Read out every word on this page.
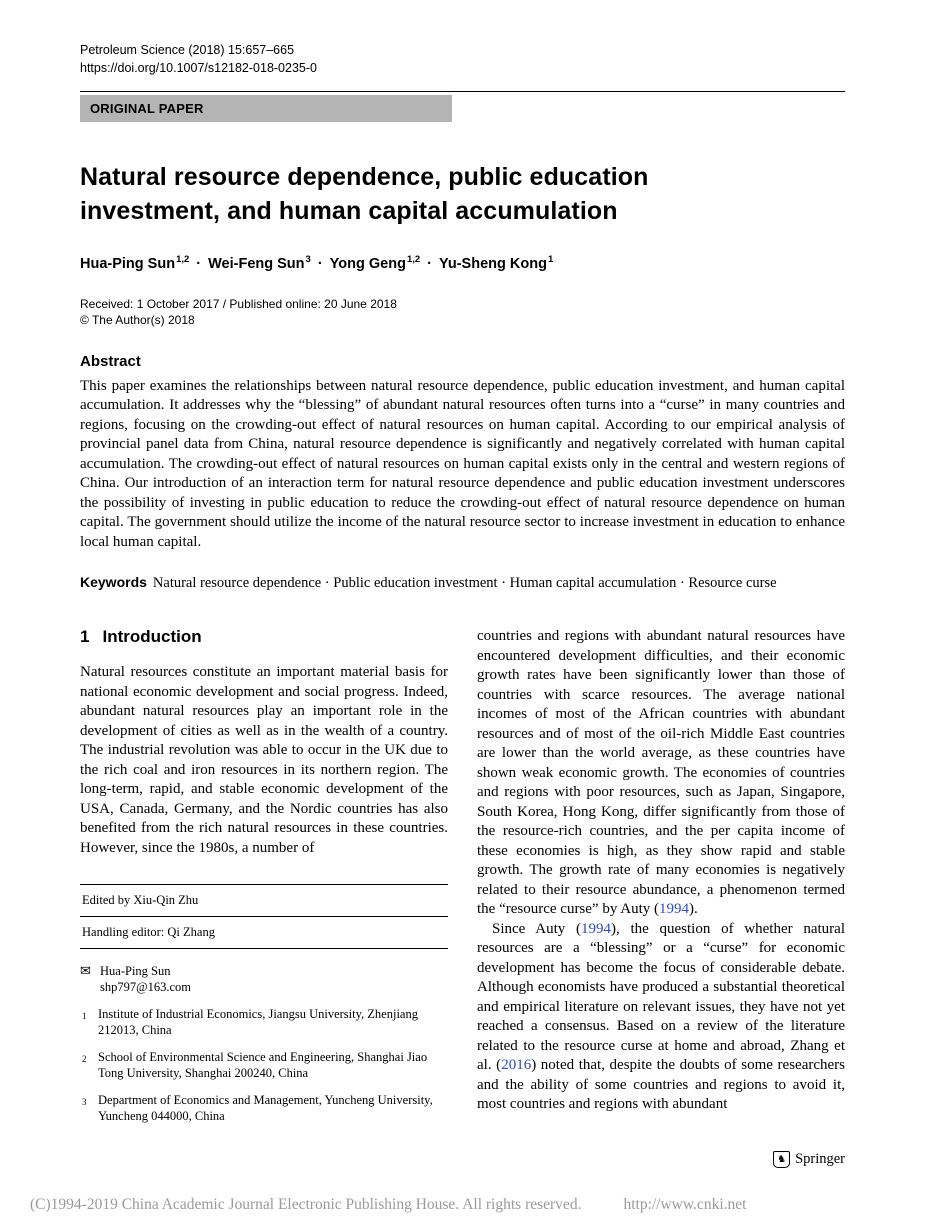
Petroleum Science (2018) 15:657–665
https://doi.org/10.1007/s12182-018-0235-0
ORIGINAL PAPER
Natural resource dependence, public education investment, and human capital accumulation
Hua-Ping Sun$^{1,2}$ · Wei-Feng Sun$^3$ · Yong Geng$^{1,2}$ · Yu-Sheng Kong$^1$
Received: 1 October 2017 / Published online: 20 June 2018
© The Author(s) 2018
Abstract

This paper examines the relationships between natural resource dependence, public education investment, and human capital accumulation. It addresses why the “blessing” of abundant natural resources often turns into a “curse” in many countries and regions, focusing on the crowding-out effect of natural resources on human capital. According to our empirical analysis of provincial panel data from China, natural resource dependence is significantly and negatively correlated with human capital accumulation. The crowding-out effect of natural resources on human capital exists only in the central and western regions of China. Our introduction of an interaction term for natural resource dependence and public education investment underscores the possibility of investing in public education to reduce the crowding-out effect of natural resource dependence on human capital. The government should utilize the income of the natural resource sector to increase investment in education to enhance local human capital.

Keywords Natural resource dependence · Public education investment · Human capital accumulation · Resource curse

1 Introduction

Natural resources constitute an important material basis for national economic development and social progress. Indeed, abundant natural resources play an important role in the development of cities as well as in the wealth of a country. The industrial revolution was able to occur in the UK due to the rich coal and iron resources in its northern region. The long-term, rapid, and stable economic development of the USA, Canada, Germany, and the Nordic countries has also benefited from the rich natural resources in these countries. However, since the 1980s, a number of

Edited by Xiu-Qin Zhu
Handling editor: Qi Zhang
✉ Hua-Ping Sun
shp797@163.com
1 Institute of Industrial Economics, Jiangsu University, Zhenjiang 212013, China
2 School of Environmental Science and Engineering, Shanghai Jiao Tong University, Shanghai 200240, China
3 Department of Economics and Management, Yuncheng University, Yuncheng 044000, China

countries and regions with abundant natural resources have encountered development difficulties, and their economic growth rates have been significantly lower than those of countries with scarce resources. The average national incomes of most of the African countries with abundant resources and of most of the oil-rich Middle East countries are lower than the world average, as these countries have shown weak economic growth. The economies of countries and regions with poor resources, such as Japan, Singapore, South Korea, Hong Kong, differ significantly from those of the resource-rich countries, and the per capita income of these economies is high, as they show rapid and stable growth. The growth rate of many economies is negatively related to their resource abundance, a phenomenon termed the “resource curse” by Auty (1994).

Since Auty (1994), the question of whether natural resources are a “blessing” or a “curse” for economic development has become the focus of considerable debate. Although economists have produced a substantial theoretical and empirical literature on relevant issues, they have not yet reached a consensus. Based on a review of the literature related to the resource curse at home and abroad, Zhang et al. (2016) noted that, despite the doubts of some researchers and the ability of some countries and regions to avoid it, most countries and regions with abundant

♞ Springer
(C)1994-2019 China Academic Journal Electronic Publishing House. All rights reserved.	http://www.cnki.net
